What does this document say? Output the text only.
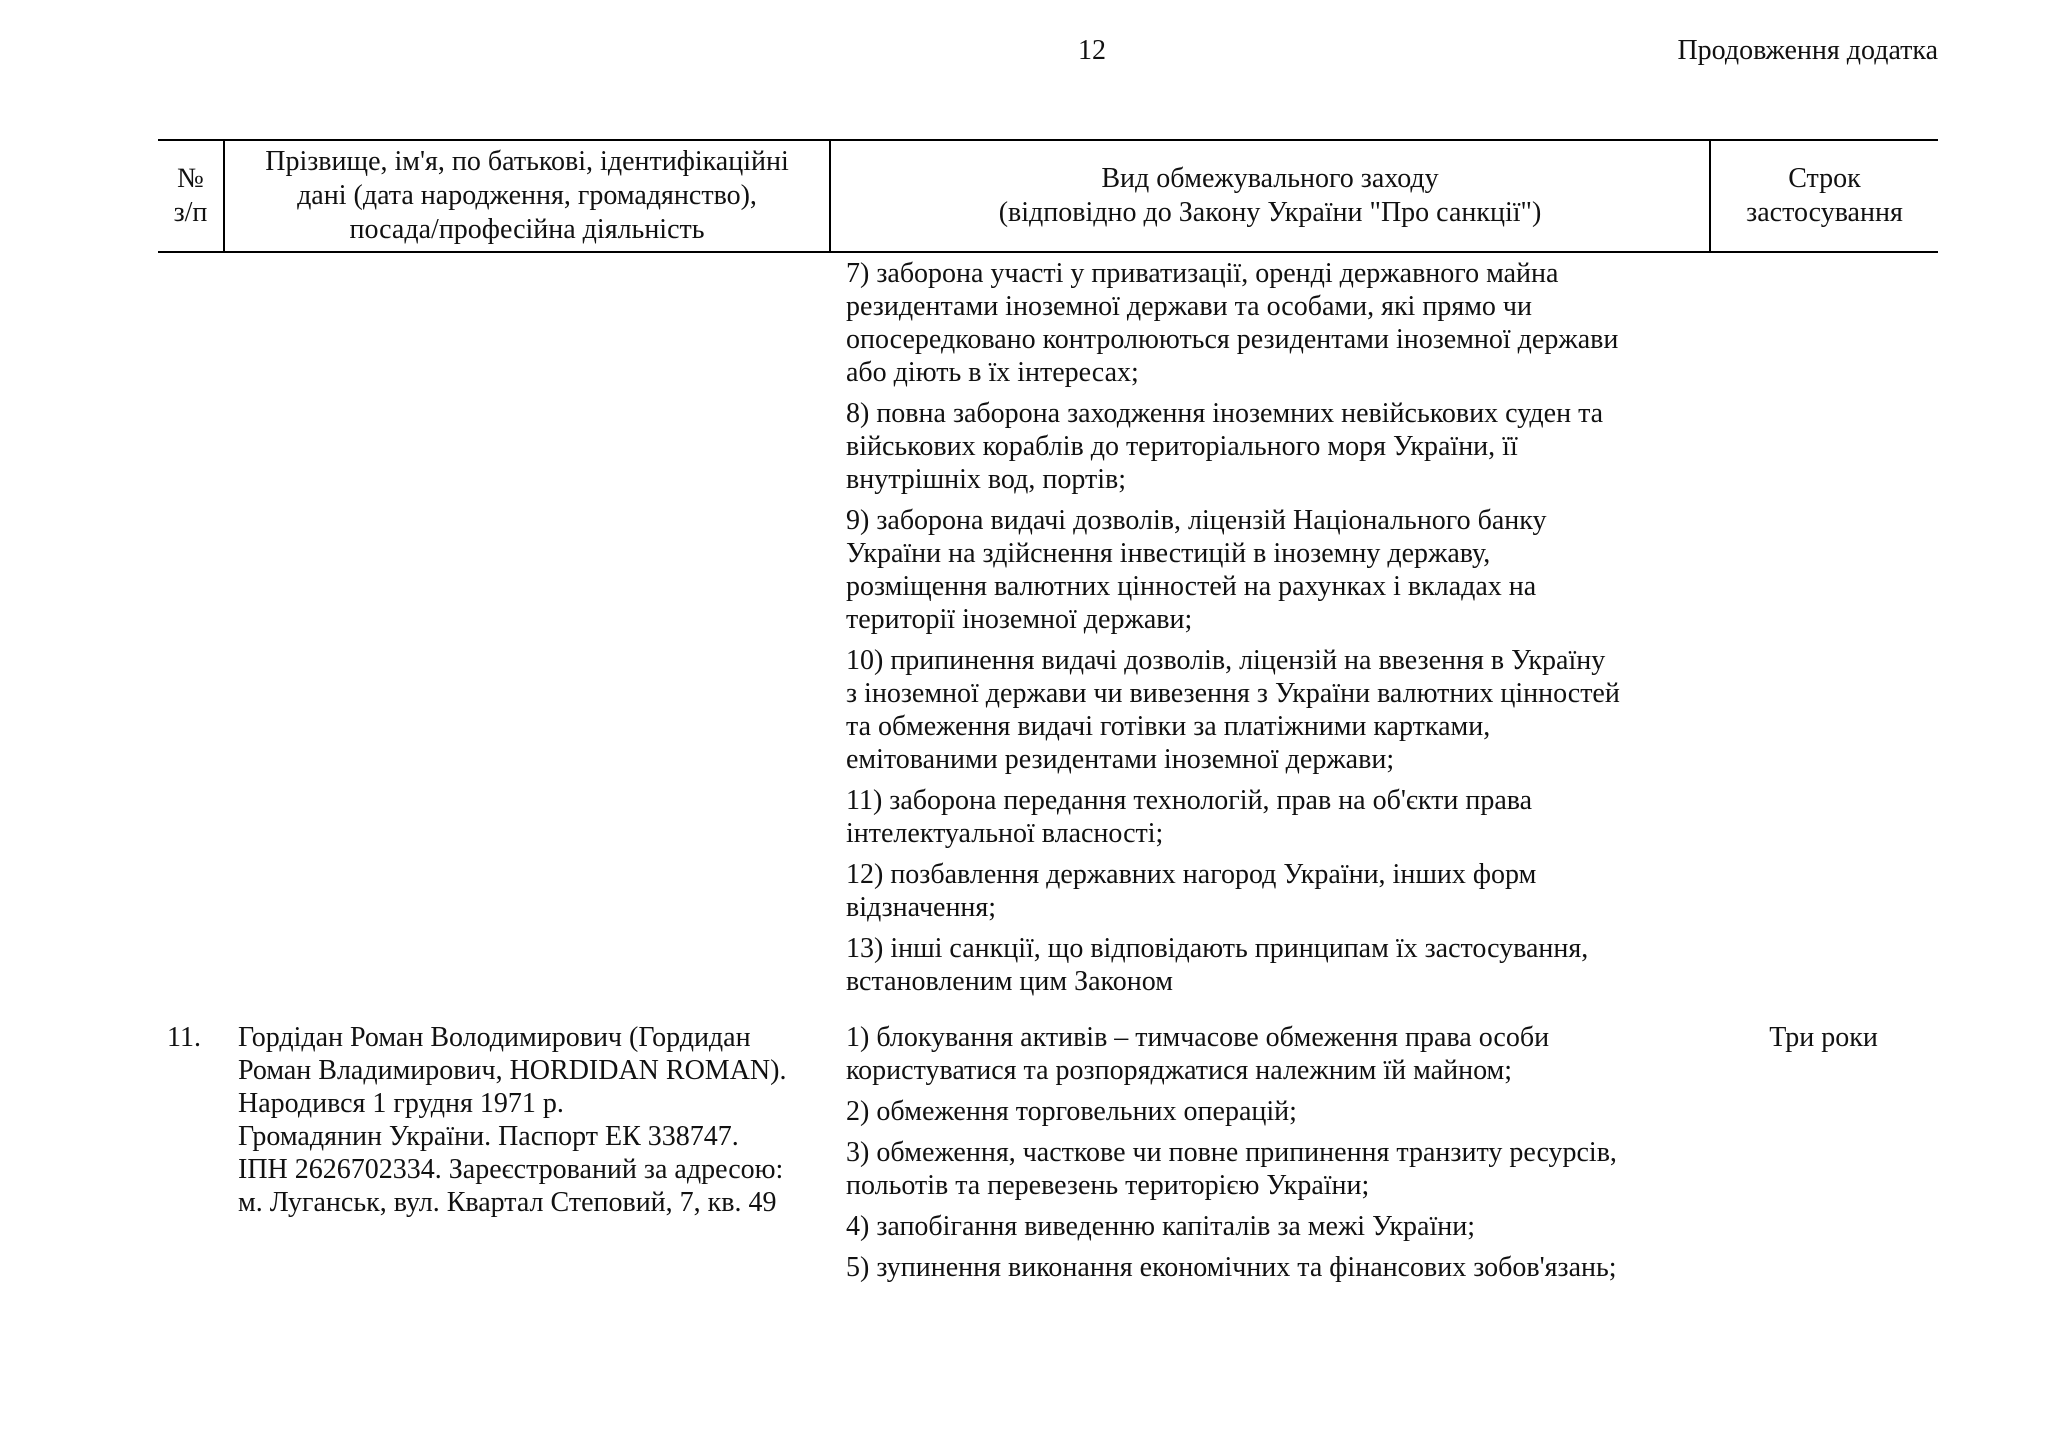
12	Продовження додатка
№
з/п
Прізвище, ім'я, по батькові, ідентифікаційні
дані (дата народження, громадянство),
посада/професійна діяльність
Вид обмежувального заходу
(відповідно до Закону України "Про санкції")
Строк
застосування
7) заборона участі у приватизації, оренді державного майна
резидентами іноземної держави та особами, які прямо чи
опосередковано контролюються резидентами іноземної держави
або діють в їх інтересах;
8) повна заборона заходження іноземних невійськових суден та
військових кораблів до територіального моря України, її
внутрішніх вод, портів;
9) заборона видачі дозволів, ліцензій Національного банку
України на здійснення інвестицій в іноземну державу,
розміщення валютних цінностей на рахунках і вкладах на
території іноземної держави;
10) припинення видачі дозволів, ліцензій на ввезення в Україну
з іноземної держави чи вивезення з України валютних цінностей
та обмеження видачі готівки за платіжними картками,
емітованими резидентами іноземної держави;
11) заборона передання технологій, прав на об'єкти права
інтелектуальної власності;
12) позбавлення державних нагород України, інших форм
відзначення;
13) інші санкції, що відповідають принципам їх застосування,
встановленим цим Законом
11. Гордідан Роман Володимирович (Гордидан
Роман Владимирович, HORDIDAN ROMAN).
Народився 1 грудня 1971 р.
Громадянин України. Паспорт ЕК 338747.
ІПН 2626702334. Зареєстрований за адресою:
м. Луганськ, вул. Квартал Степовий, 7, кв. 49
1) блокування активів – тимчасове обмеження права особи
користуватися та розпоряджатися належним їй майном;
2) обмеження торговельних операцій;
3) обмеження, часткове чи повне припинення транзиту ресурсів,
польотів та перевезень територією України;
4) запобігання виведенню капіталів за межі України;
5) зупинення виконання економічних та фінансових зобов'язань;
Три роки
